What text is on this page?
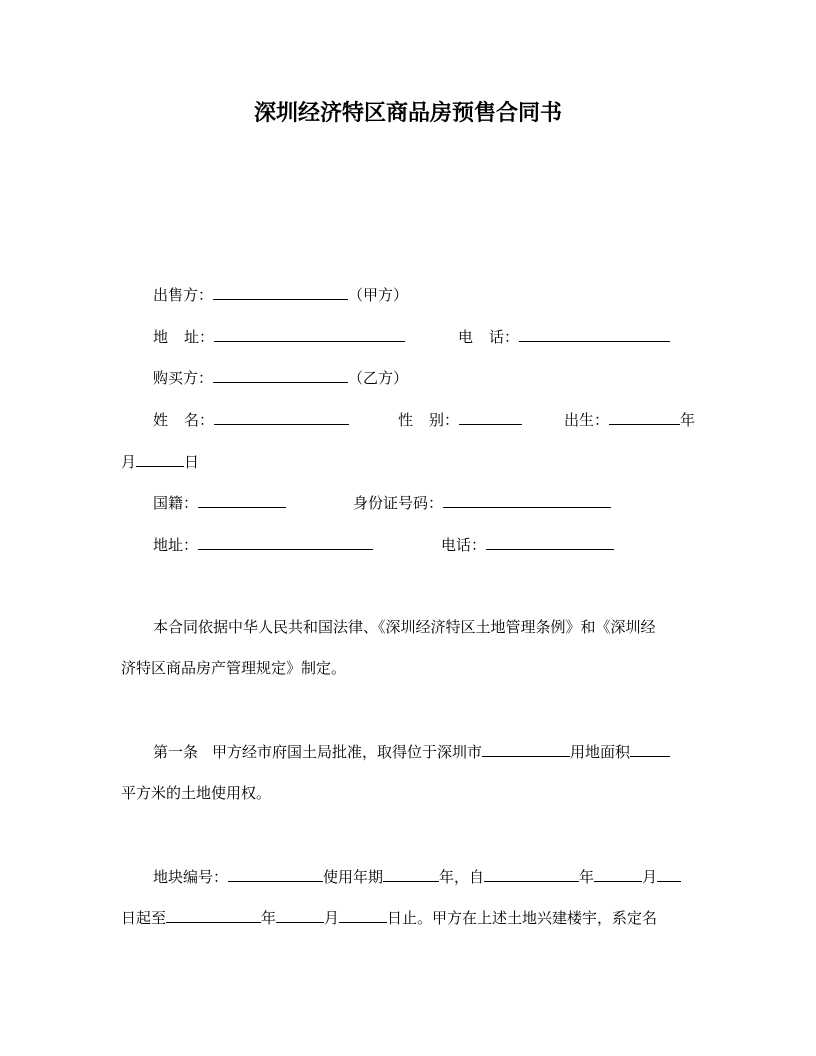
深圳经济特区商品房预售合同书
出售方：	（甲方）
地 址：	电 话：
购买方：	（乙方）
姓 名：	性 别：	出生：	年
月	日
国籍：	身份证号码：
地址：	电话：
本合同依据中华人民共和国法律、《深圳经济特区土地管理条例》和《深圳经
济特区商品房产管理规定》制定。
第一条 甲方经市府国土局批准，取得位于深圳市	用地面积
平方米的土地使用权。
地块编号：	使用年期	年，自	年	月
日起至	年	月	日止。甲方在上述土地兴建楼宇，系定名
